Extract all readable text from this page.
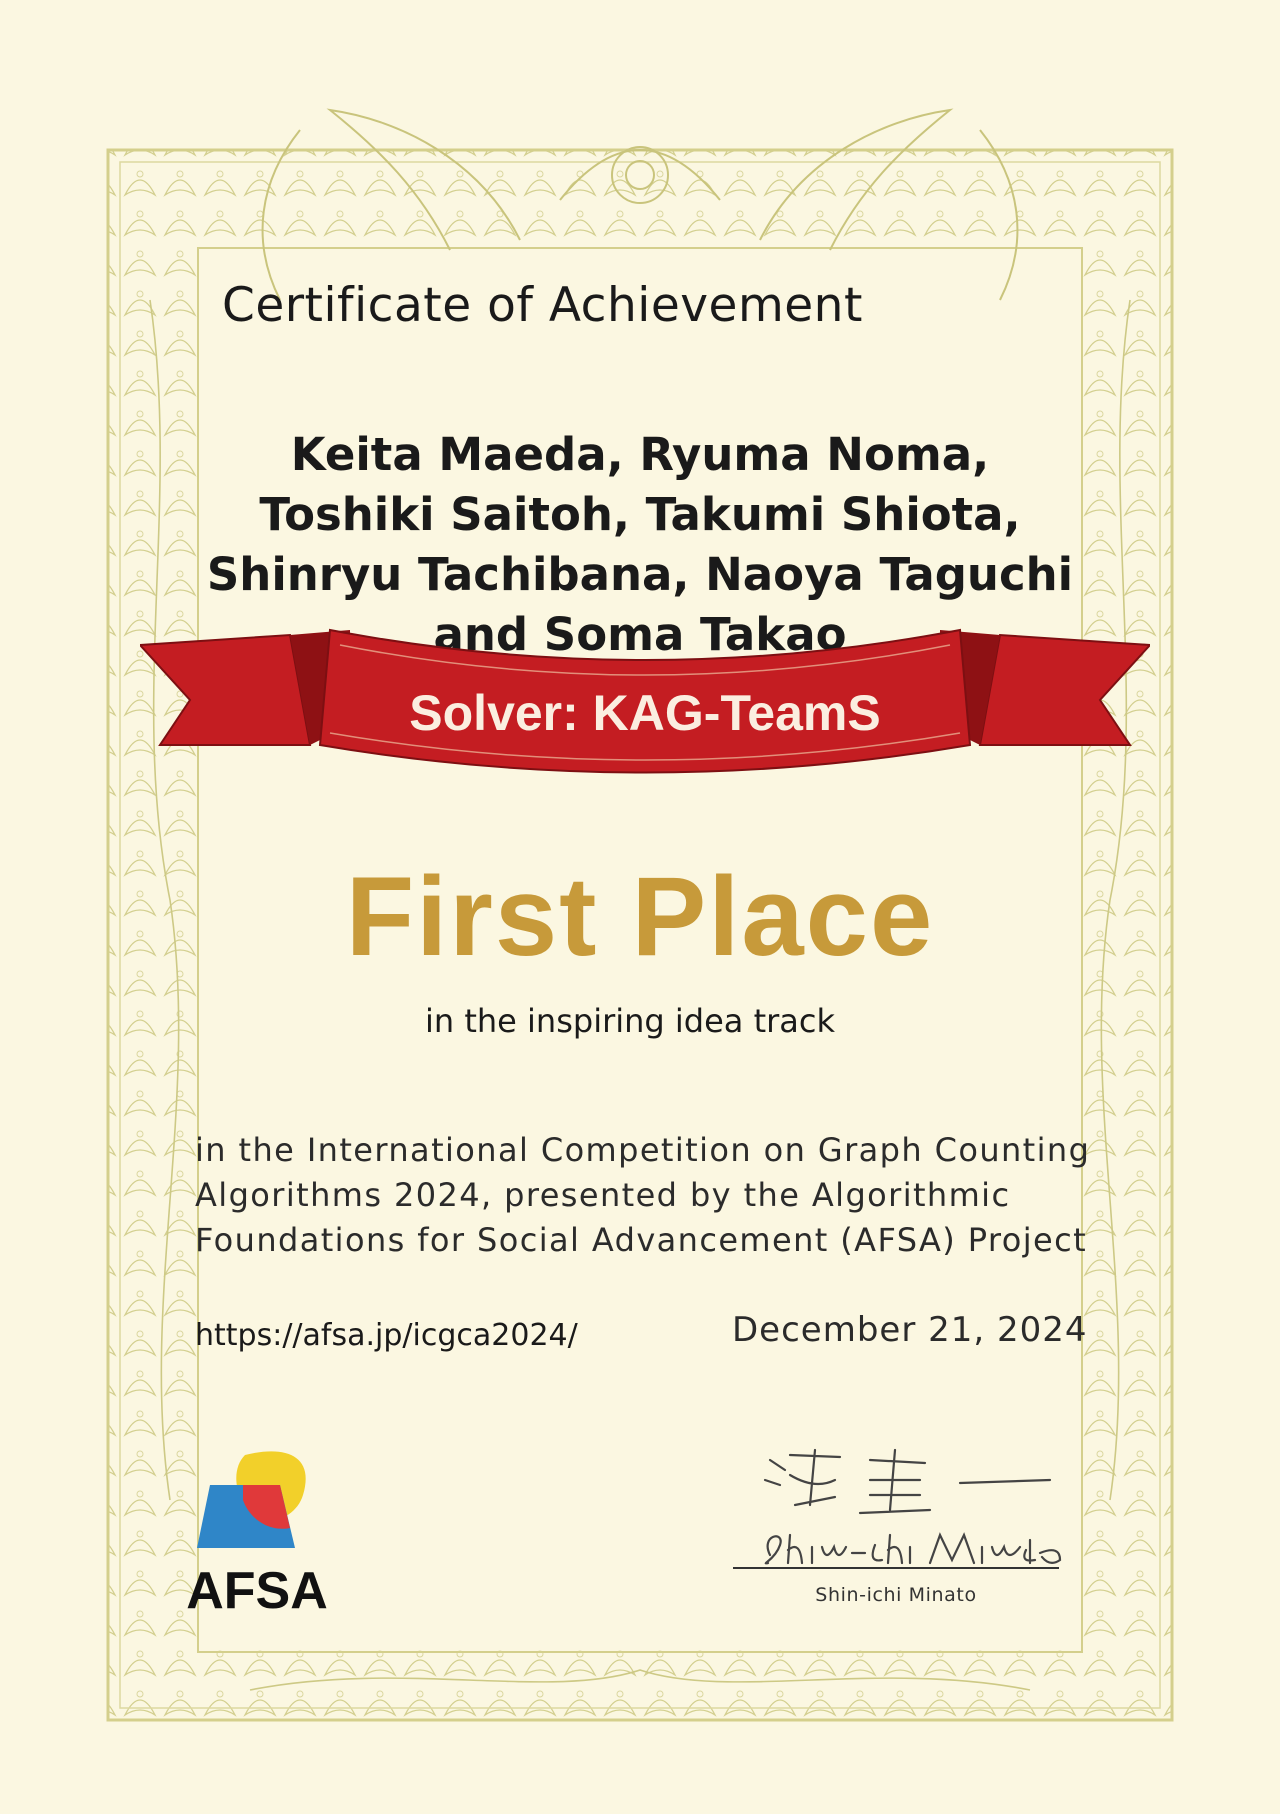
Certificate of Achievement

Keita Maeda, Ryuma Noma,

Toshiki Saitoh, Takumi Shiota,

Shinryu Tachibana, Naoya Taguchi

and Soma Takao

Solver: KAG-TeamS

First Place

in the inspiring idea track

in the International Competition on Graph Counting

Algorithms 2024, presented by the Algorithmic

Foundations for Social Advancement (AFSA) Project

https://afsa.jp/icgca2024/	December 21, 2024

AFSA	Shin-ichi Minato
